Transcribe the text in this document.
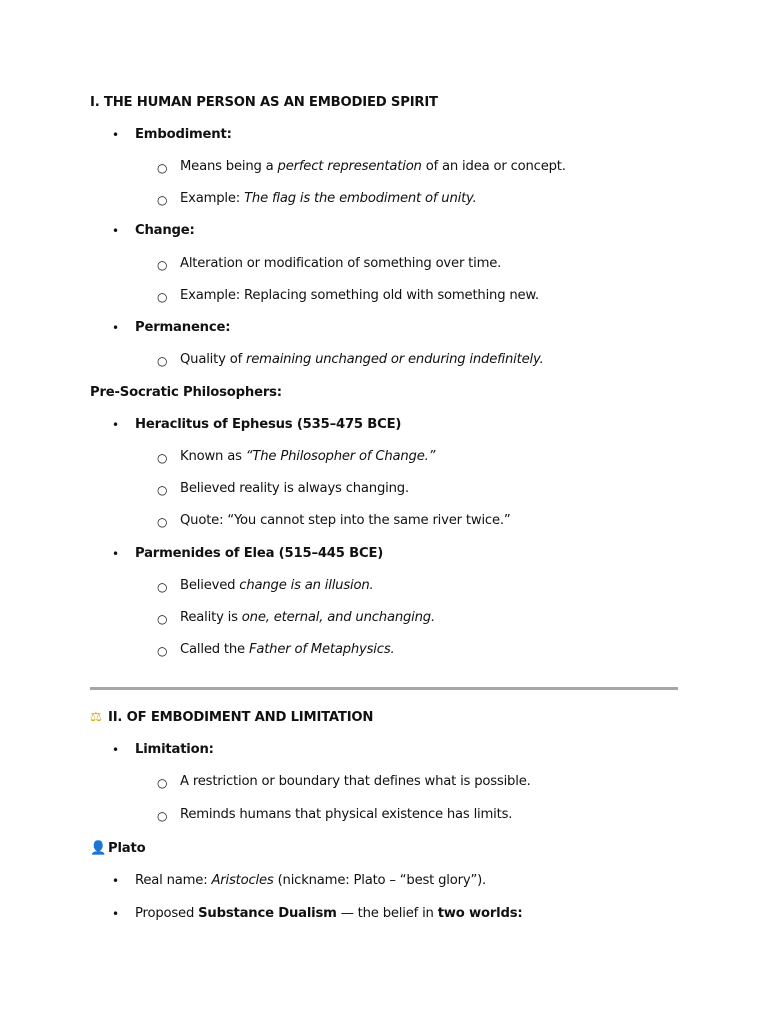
I. THE HUMAN PERSON AS AN EMBODIED SPIRIT
• Embodiment:
○ Means being a perfect representation of an idea or concept.
○ Example: The flag is the embodiment of unity.
• Change:
○ Alteration or modification of something over time.
○ Example: Replacing something old with something new.
• Permanence:
○ Quality of remaining unchanged or enduring indefinitely.
Pre-Socratic Philosophers:
• Heraclitus of Ephesus (535–475 BCE)
○ Known as “The Philosopher of Change.”
○ Believed reality is always changing.
○ Quote: “You cannot step into the same river twice.”
• Parmenides of Elea (515–445 BCE)
○ Believed change is an illusion.
○ Reality is one, eternal, and unchanging.
○ Called the Father of Metaphysics.
⚖ II. OF EMBODIMENT AND LIMITATION
• Limitation:
○ A restriction or boundary that defines what is possible.
○ Reminds humans that physical existence has limits.
👤 Plato
• Real name: Aristocles (nickname: Plato – “best glory”).
• Proposed Substance Dualism — the belief in two worlds:
